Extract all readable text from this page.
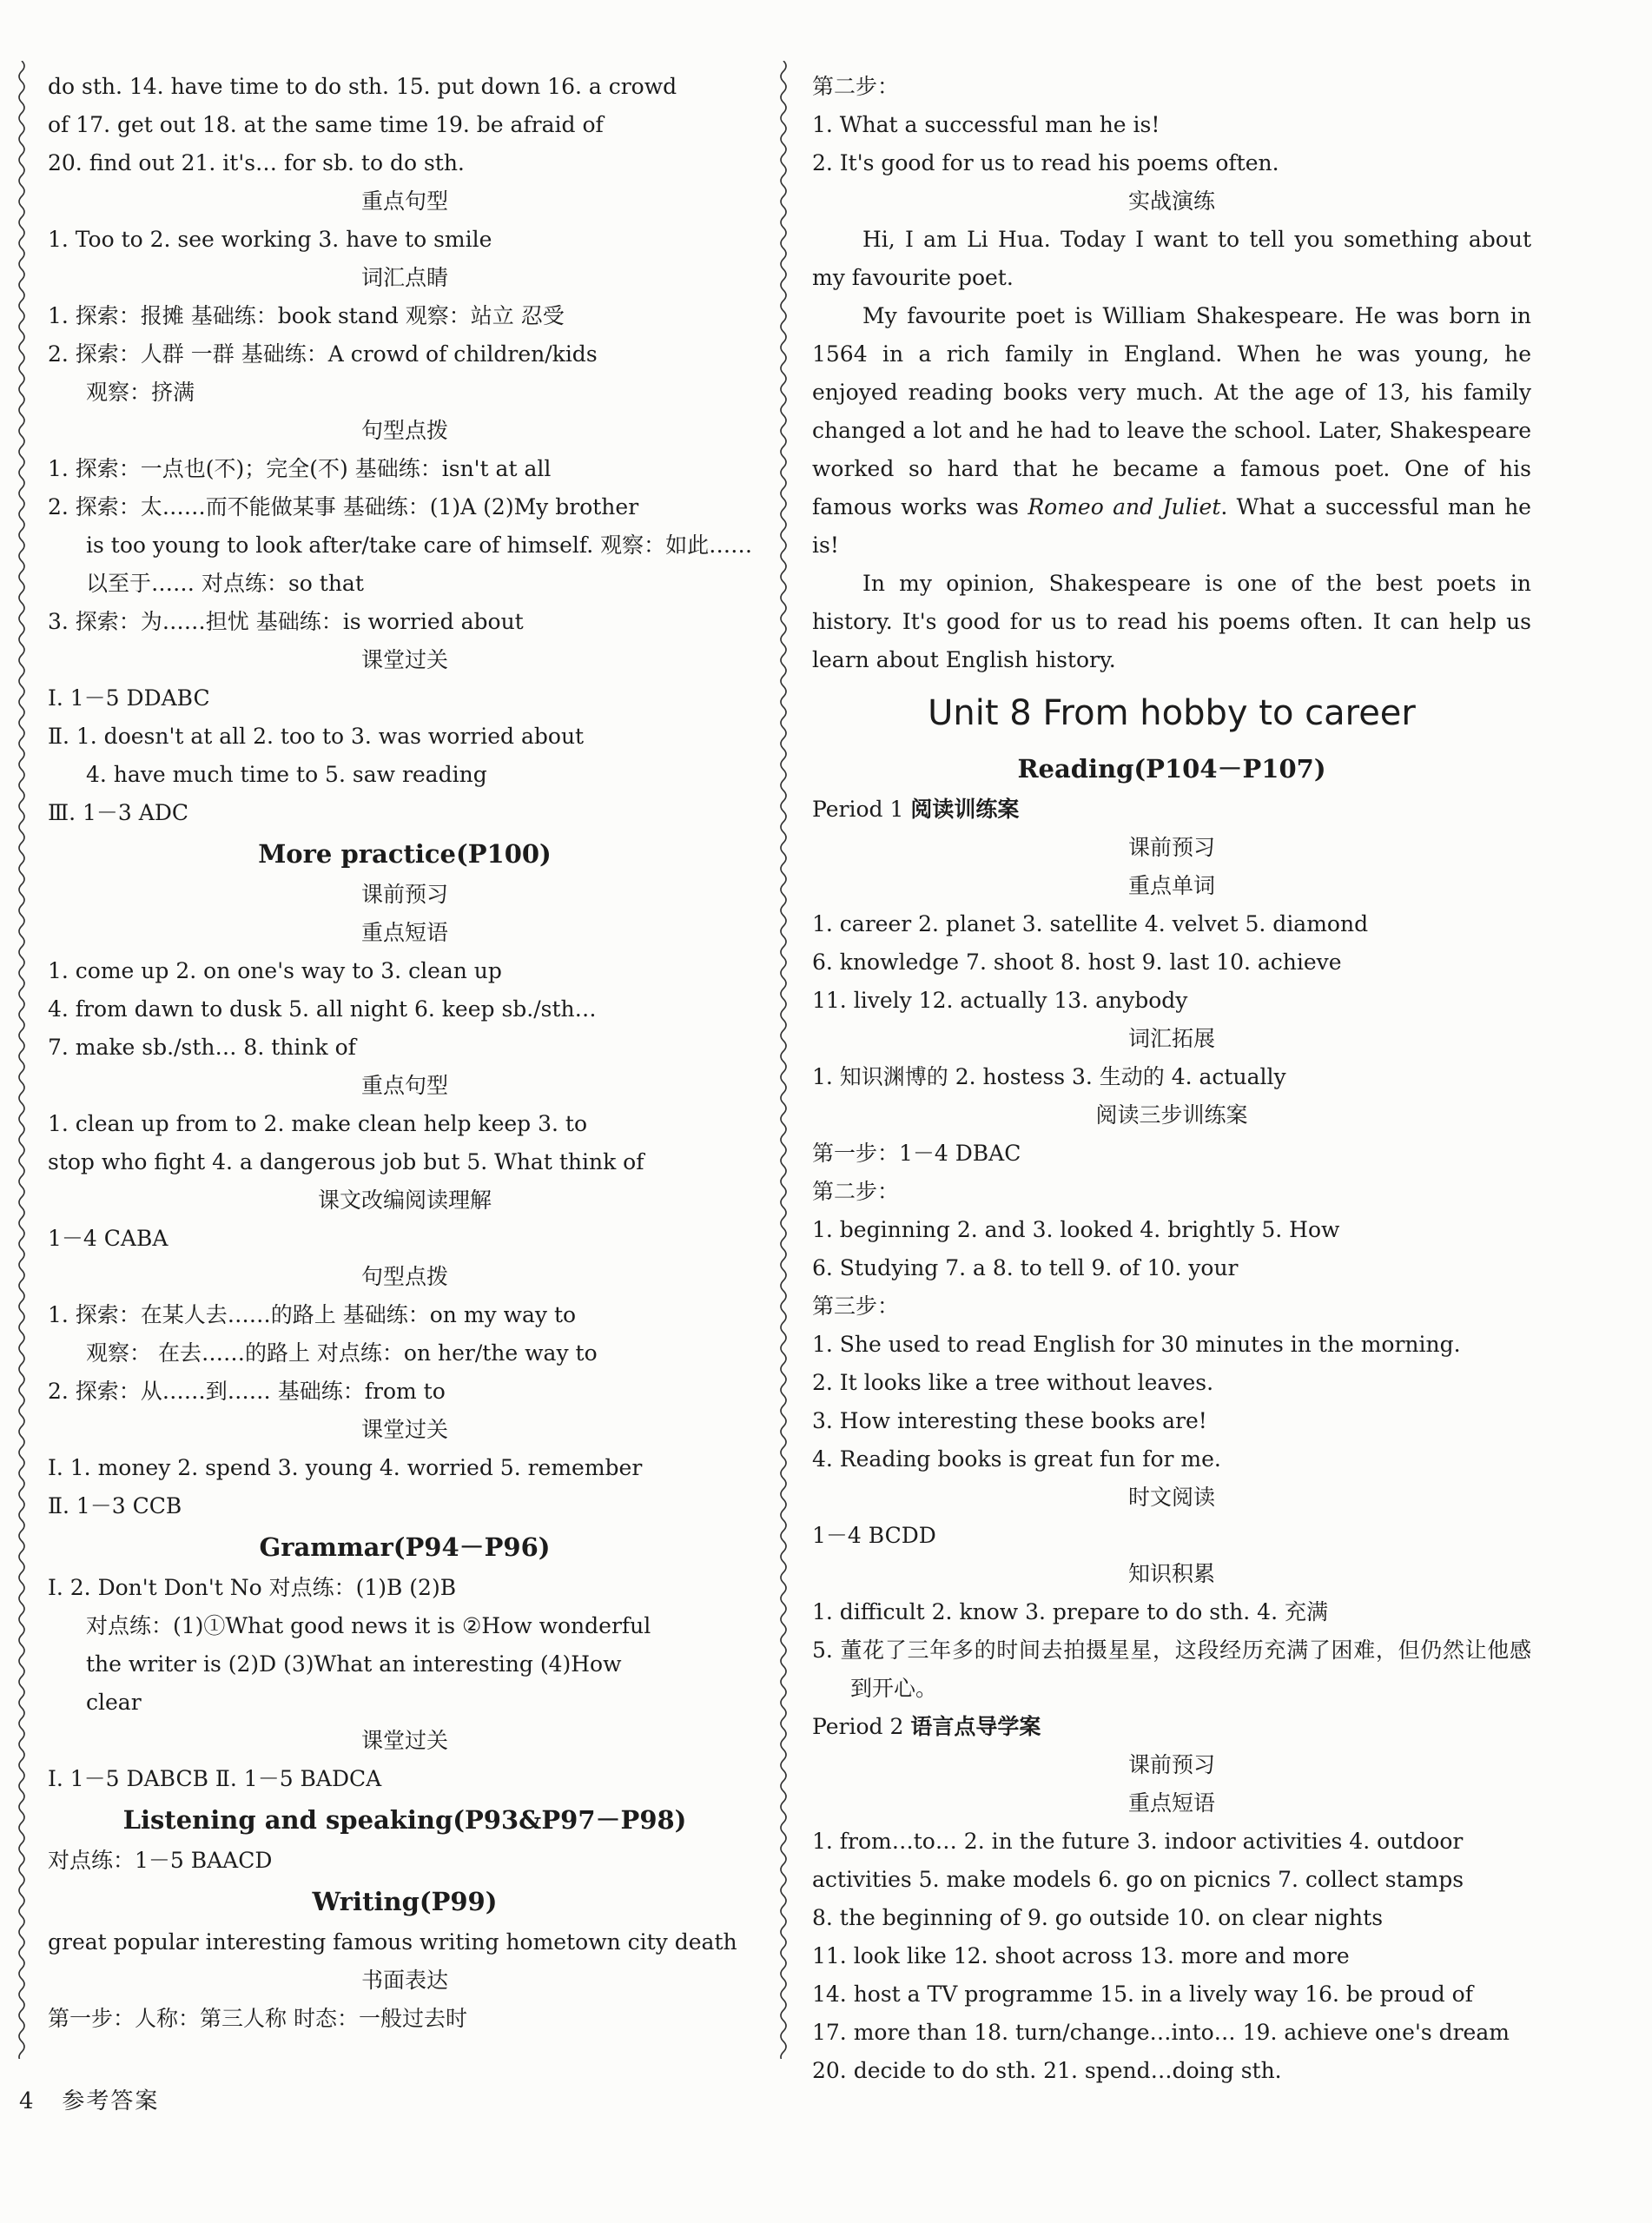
do sth. 14. have time to do sth. 15. put down 16. a crowd
of 17. get out 18. at the same time 19. be afraid of
20. find out 21. it's… for sb. to do sth.
重点句型
1. Too to 2. see working 3. have to smile
词汇点睛
1. 探索：报摊 基础练：book stand 观察：站立 忍受
2. 探索：人群 一群 基础练：A crowd of children/kids
观察：挤满
句型点拨
1. 探索：一点也(不)；完全(不) 基础练：isn't at all
2. 探索：太……而不能做某事 基础练：(1)A (2)My brother
is too young to look after/take care of himself. 观察：如此……
以至于…… 对点练：so that
3. 探索：为……担忧 基础练：is worried about
课堂过关
Ⅰ. 1－5 DDABC
Ⅱ. 1. doesn't at all 2. too to 3. was worried about
4. have much time to 5. saw reading
Ⅲ. 1－3 ADC
More practice(P100)
课前预习
重点短语
1. come up 2. on one's way to 3. clean up
4. from dawn to dusk 5. all night 6. keep sb./sth…
7. make sb./sth… 8. think of
重点句型
1. clean up from to 2. make clean help keep 3. to
stop who fight 4. a dangerous job but 5. What think of
课文改编阅读理解
1－4 CABA
句型点拨
1. 探索：在某人去……的路上 基础练：on my way to
观察： 在去……的路上 对点练：on her/the way to
2. 探索：从……到…… 基础练：from to
课堂过关
Ⅰ. 1. money 2. spend 3. young 4. worried 5. remember
Ⅱ. 1－3 CCB
Grammar(P94－P96)
Ⅰ. 2. Don't Don't No 对点练：(1)B (2)B
对点练：(1)①What good news it is ②How wonderful
the writer is (2)D (3)What an interesting (4)How
clear
课堂过关
Ⅰ. 1－5 DABCB Ⅱ. 1－5 BADCA
Listening and speaking(P93&P97－P98)
对点练：1－5 BAACD
Writing(P99)
great popular interesting famous writing hometown city death
书面表达
第一步：人称：第三人称 时态：一般过去时
第二步：
1. What a successful man he is!
2. It's good for us to read his poems often.
实战演练
Hi, I am Li Hua. Today I want to tell you something about my favourite poet.
My favourite poet is William Shakespeare. He was born in 1564 in a rich family in England. When he was young, he enjoyed reading books very much. At the age of 13, his family changed a lot and he had to leave the school. Later, Shakespeare worked so hard that he became a famous poet. One of his famous works was Romeo and Juliet. What a successful man he is!
In my opinion, Shakespeare is one of the best poets in history. It's good for us to read his poems often. It can help us learn about English history.
Unit 8 From hobby to career
Reading(P104－P107)
Period 1 阅读训练案
课前预习
重点单词
1. career 2. planet 3. satellite 4. velvet 5. diamond
6. knowledge 7. shoot 8. host 9. last 10. achieve
11. lively 12. actually 13. anybody
词汇拓展
1. 知识渊博的 2. hostess 3. 生动的 4. actually
阅读三步训练案
第一步：1－4 DBAC
第二步：
1. beginning 2. and 3. looked 4. brightly 5. How
6. Studying 7. a 8. to tell 9. of 10. your
第三步：
1. She used to read English for 30 minutes in the morning.
2. It looks like a tree without leaves.
3. How interesting these books are!
4. Reading books is great fun for me.
时文阅读
1－4 BCDD
知识积累
1. difficult 2. know 3. prepare to do sth. 4. 充满
5. 董花了三年多的时间去拍摄星星，这段经历充满了困难，但仍然让他感到开心。
Period 2 语言点导学案
课前预习
重点短语
1. from…to… 2. in the future 3. indoor activities 4. outdoor
activities 5. make models 6. go on picnics 7. collect stamps
8. the beginning of 9. go outside 10. on clear nights
11. look like 12. shoot across 13. more and more
14. host a TV programme 15. in a lively way 16. be proud of
17. more than 18. turn/change…into… 19. achieve one's dream
20. decide to do sth. 21. spend…doing sth.
4 参考答案
